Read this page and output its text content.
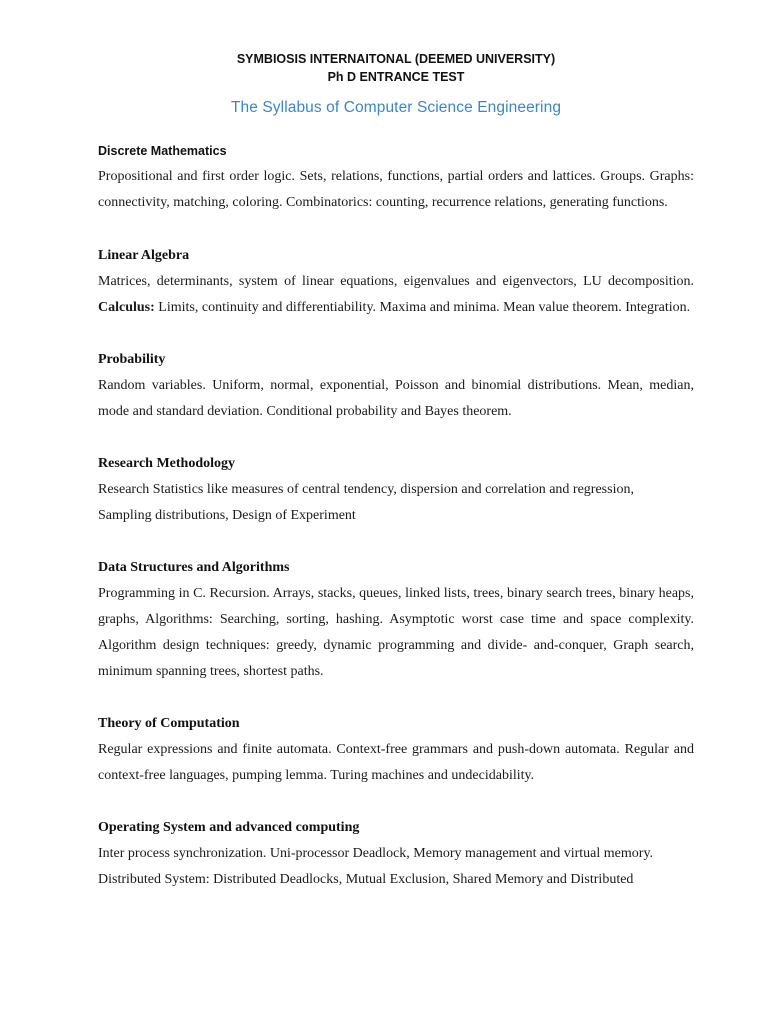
SYMBIOSIS INTERNAITONAL (DEEMED UNIVERSITY)
Ph D ENTRANCE TEST
The Syllabus of Computer Science Engineering
Discrete Mathematics
Propositional and first order logic. Sets, relations, functions, partial orders and lattices. Groups. Graphs: connectivity, matching, coloring. Combinatorics: counting, recurrence relations, generating functions.
Linear Algebra
Matrices, determinants, system of linear equations, eigenvalues and eigenvectors, LU decomposition. Calculus: Limits, continuity and differentiability. Maxima and minima. Mean value theorem. Integration.
Probability
Random variables. Uniform, normal, exponential, Poisson and binomial distributions. Mean, median, mode and standard deviation. Conditional probability and Bayes theorem.
Research Methodology
Research Statistics like measures of central tendency, dispersion and correlation and regression,
Sampling distributions, Design of Experiment
Data Structures and Algorithms
Programming in C. Recursion. Arrays, stacks, queues, linked lists, trees, binary search trees, binary heaps, graphs, Algorithms: Searching, sorting, hashing. Asymptotic worst case time and space complexity. Algorithm design techniques: greedy, dynamic programming and divide- and-conquer, Graph search, minimum spanning trees, shortest paths.
Theory of Computation
Regular expressions and finite automata. Context-free grammars and push-down automata. Regular and context-free languages, pumping lemma. Turing machines and undecidability.
Operating System and advanced computing
Inter process synchronization. Uni-processor Deadlock, Memory management and virtual memory.
Distributed System: Distributed Deadlocks, Mutual Exclusion, Shared Memory and Distributed
